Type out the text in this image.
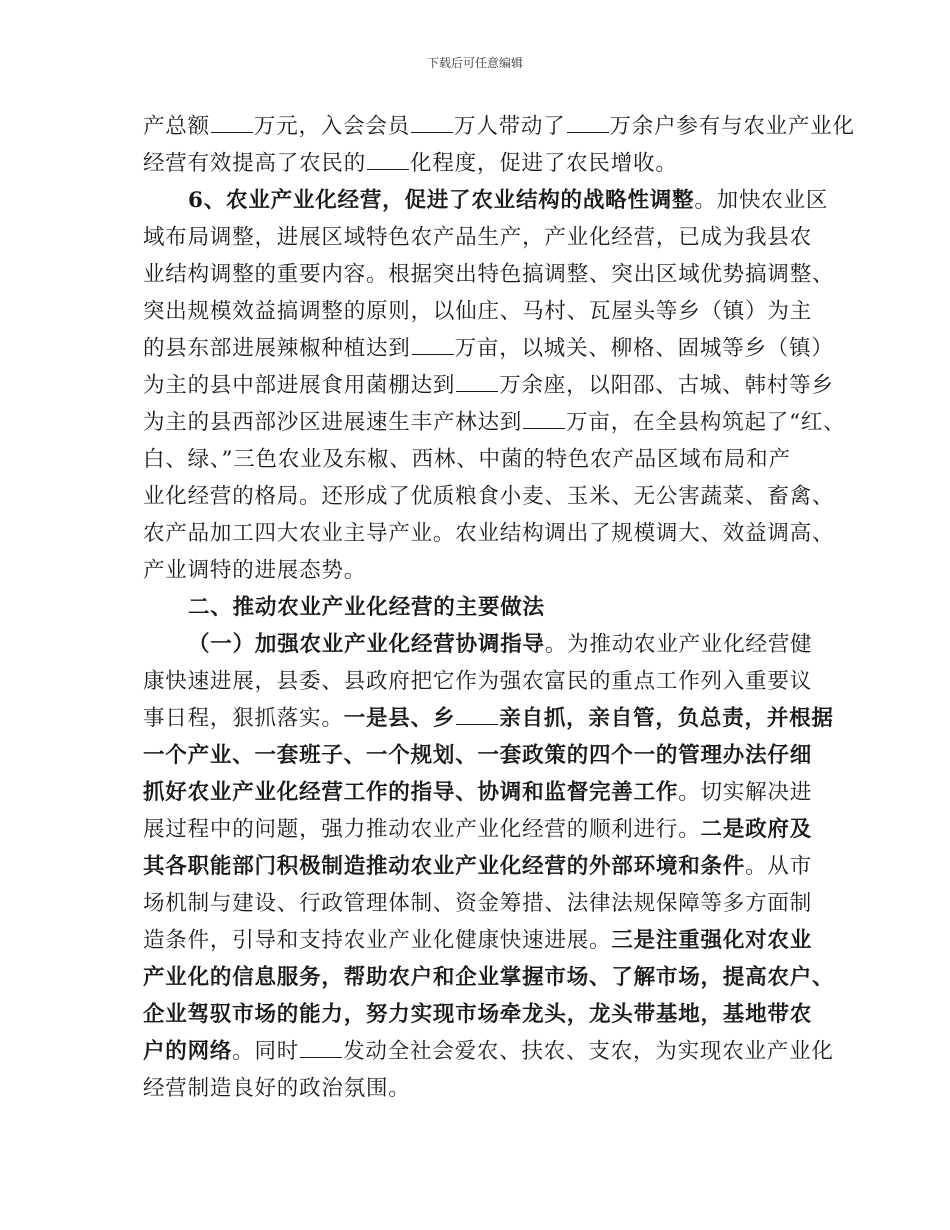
下载后可任意编辑
产总额 万元，入会会员 万人带动了 万余户参有与农业产业化
经营有效提高了农民的 化程度，促进了农民增收。
6、农业产业化经营，促进了农业结构的战略性调整。加快农业区
域布局调整，进展区域特色农产品生产，产业化经营，已成为我县农
业结构调整的重要内容。根据突出特色搞调整、突出区域优势搞调整、
突出规模效益搞调整的原则，以仙庄、马村、瓦屋头等乡（镇）为主
的县东部进展辣椒种植达到 万亩，以城关、柳格、固城等乡（镇）
为主的县中部进展食用菌棚达到 万余座，以阳邵、古城、韩村等乡
为主的县西部沙区进展速生丰产林达到 万亩，在全县构筑起了“红、
白、绿、”三色农业及东椒、西林、中菌的特色农产品区域布局和产
业化经营的格局。还形成了优质粮食小麦、玉米、无公害蔬菜、畜禽、
农产品加工四大农业主导产业。农业结构调出了规模调大、效益调高、
产业调特的进展态势。
二、推动农业产业化经营的主要做法
（一）加强农业产业化经营协调指导。为推动农业产业化经营健
康快速进展，县委、县政府把它作为强农富民的重点工作列入重要议
事日程，狠抓落实。一是县、乡 亲自抓，亲自管，负总责，并根据
一个产业、一套班子、一个规划、一套政策的四个一的管理办法仔细
抓好农业产业化经营工作的指导、协调和监督完善工作。切实解决进
展过程中的问题，强力推动农业产业化经营的顺利进行。二是政府及
其各职能部门积极制造推动农业产业化经营的外部环境和条件。从市
场机制与建设、行政管理体制、资金筹措、法律法规保障等多方面制
造条件，引导和支持农业产业化健康快速进展。三是注重强化对农业
产业化的信息服务，帮助农户和企业掌握市场、了解市场，提高农户、
企业驾驭市场的能力，努力实现市场牵龙头，龙头带基地，基地带农
户的网络。同时 发动全社会爱农、扶农、支农，为实现农业产业化
经营制造良好的政治氛围。
